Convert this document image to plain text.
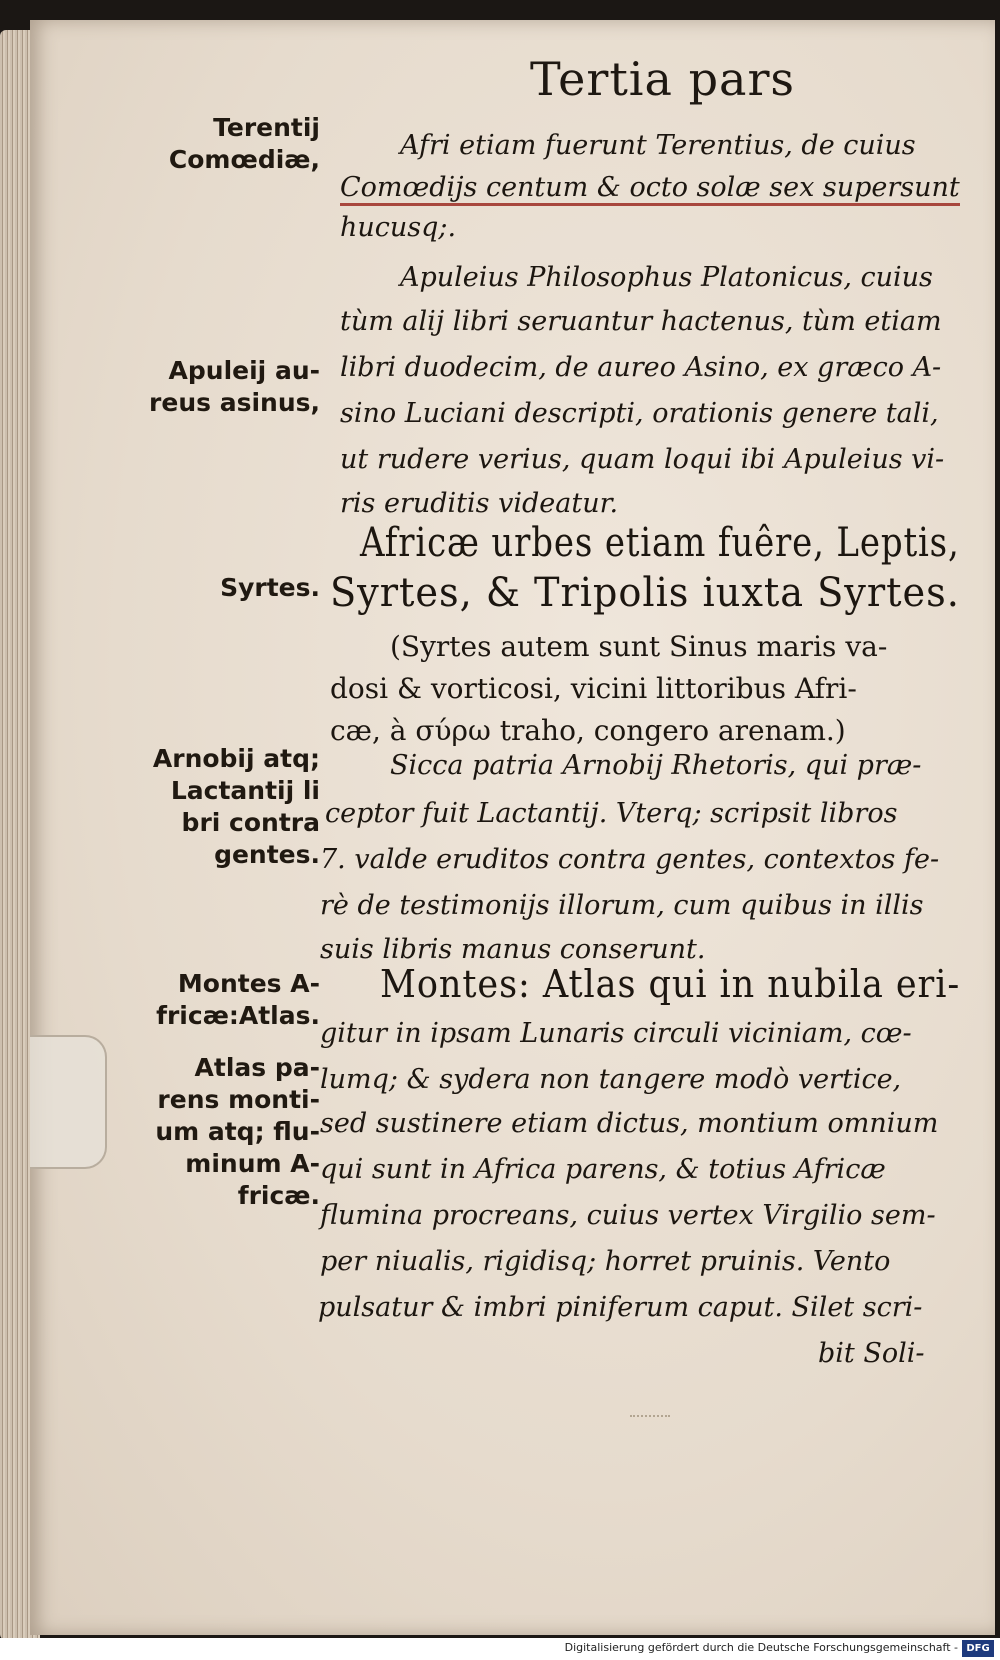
Tertia pars
Terentij
Comœdiæ,
Apuleij au-
reus asinus,
Syrtes.
Arnobij atq;
Lactantij li
bri contra
gentes.
Montes A-
fricæ:Atlas.
Atlas pa-
rens monti-
um atq; flu-
minum A-
fricæ.
Afri etiam fuerunt Terentius, de cuius
Comœdijs centum & octo solæ sex supersunt
hucusq;.
Apuleius Philosophus Platonicus, cuius
tùm alij libri seruantur hactenus, tùm etiam
libri duodecim, de aureo Asino, ex græco A-
sino Luciani descripti, orationis genere tali,
ut rudere verius, quam loqui ibi Apuleius vi-
ris eruditis videatur.
Africæ urbes etiam fuêre, Leptis,
Syrtes, & Tripolis iuxta Syrtes.
(Syrtes autem sunt Sinus maris va-
dosi & vorticosi, vicini littoribus Afri-
cæ, à σύρω traho, congero arenam.)
Sicca patria Arnobij Rhetoris, qui præ-
ceptor fuit Lactantij. Vterq; scripsit libros
7. valde eruditos contra gentes, contextos fe-
rè de testimonijs illorum, cum quibus in illis
suis libris manus conserunt.
Montes: Atlas qui in nubila eri-
gitur in ipsam Lunaris circuli viciniam, cœ-
lumq; & sydera non tangere modò vertice,
sed sustinere etiam dictus, montium omnium
qui sunt in Africa parens, & totius Africæ
flumina procreans, cuius vertex Virgilio sem-
per niualis, rigidisq; horret pruinis. Vento
pulsatur & imbri piniferum caput. Silet scri-
bit Soli-
Digitalisierung gefördert durch die Deutsche Forschungsgemeinschaft - DFG
